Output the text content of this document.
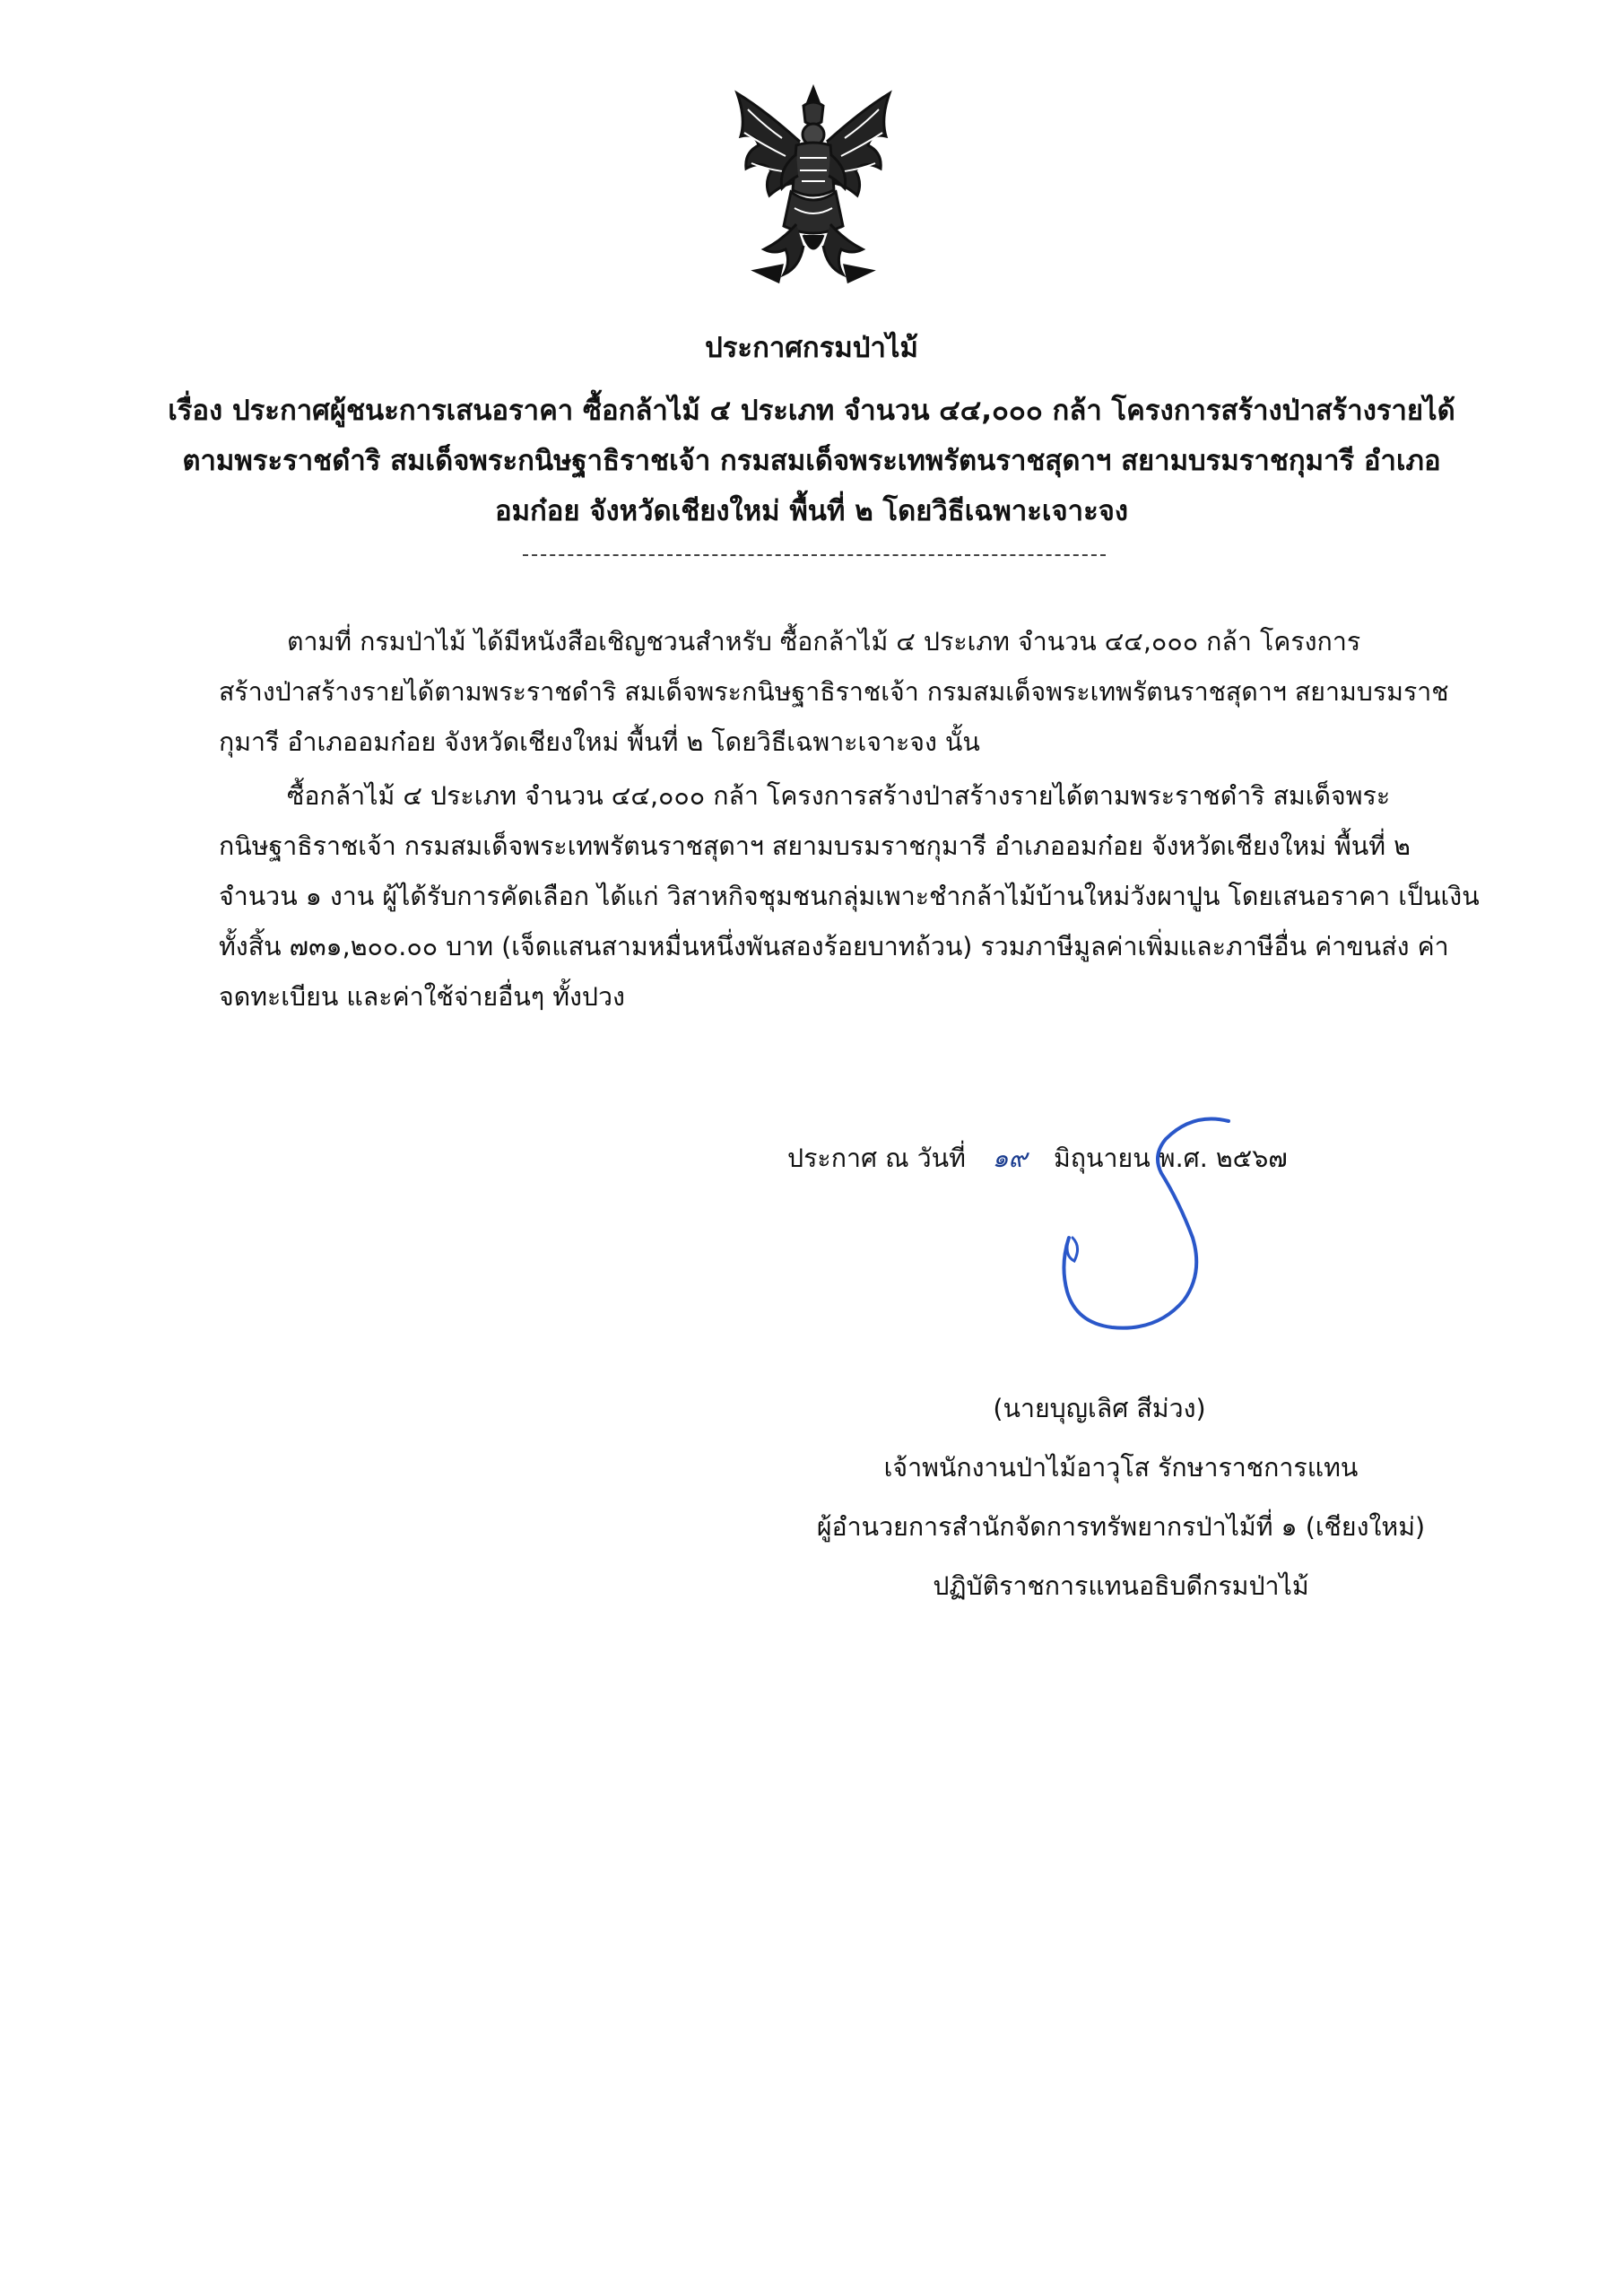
ประกาศกรมป่าไม้
เรื่อง ประกาศผู้ชนะการเสนอราคา ซื้อกล้าไม้ ๔ ประเภท จำนวน ๔๔,๐๐๐ กล้า โครงการสร้างป่าสร้างรายได้
ตามพระราชดำริ สมเด็จพระกนิษฐาธิราชเจ้า กรมสมเด็จพระเทพรัตนราชสุดาฯ สยามบรมราชกุมารี อำเภอ
อมก๋อย จังหวัดเชียงใหม่ พื้นที่ ๒ โดยวิธีเฉพาะเจาะจง
ตามที่ กรมป่าไม้ ได้มีหนังสือเชิญชวนสำหรับ ซื้อกล้าไม้ ๔ ประเภท จำนวน ๔๔,๐๐๐ กล้า โครงการ
สร้างป่าสร้างรายได้ตามพระราชดำริ สมเด็จพระกนิษฐาธิราชเจ้า กรมสมเด็จพระเทพรัตนราชสุดาฯ สยามบรมราช
กุมารี อำเภออมก๋อย จังหวัดเชียงใหม่ พื้นที่ ๒ โดยวิธีเฉพาะเจาะจง นั้น
ซื้อกล้าไม้ ๔ ประเภท จำนวน ๔๔,๐๐๐ กล้า โครงการสร้างป่าสร้างรายได้ตามพระราชดำริ สมเด็จพระ
กนิษฐาธิราชเจ้า กรมสมเด็จพระเทพรัตนราชสุดาฯ สยามบรมราชกุมารี อำเภออมก๋อย จังหวัดเชียงใหม่ พื้นที่ ๒
จำนวน ๑ งาน ผู้ได้รับการคัดเลือก ได้แก่ วิสาหกิจชุมชนกลุ่มเพาะชำกล้าไม้บ้านใหม่วังผาปูน โดยเสนอราคา เป็นเงิน
ทั้งสิ้น ๗๓๑,๒๐๐.๐๐ บาท (เจ็ดแสนสามหมื่นหนึ่งพันสองร้อยบาทถ้วน) รวมภาษีมูลค่าเพิ่มและภาษีอื่น ค่าขนส่ง ค่า
จดทะเบียน และค่าใช้จ่ายอื่นๆ ทั้งปวง
ประกาศ ณ วันที่ ๑๙ มิถุนายน พ.ศ. ๒๕๖๗
(นายบุญเลิศ สีม่วง)
เจ้าพนักงานป่าไม้อาวุโส รักษาราชการแทน
ผู้อำนวยการสำนักจัดการทรัพยากรป่าไม้ที่ ๑ (เชียงใหม่)
ปฏิบัติราชการแทนอธิบดีกรมป่าไม้
